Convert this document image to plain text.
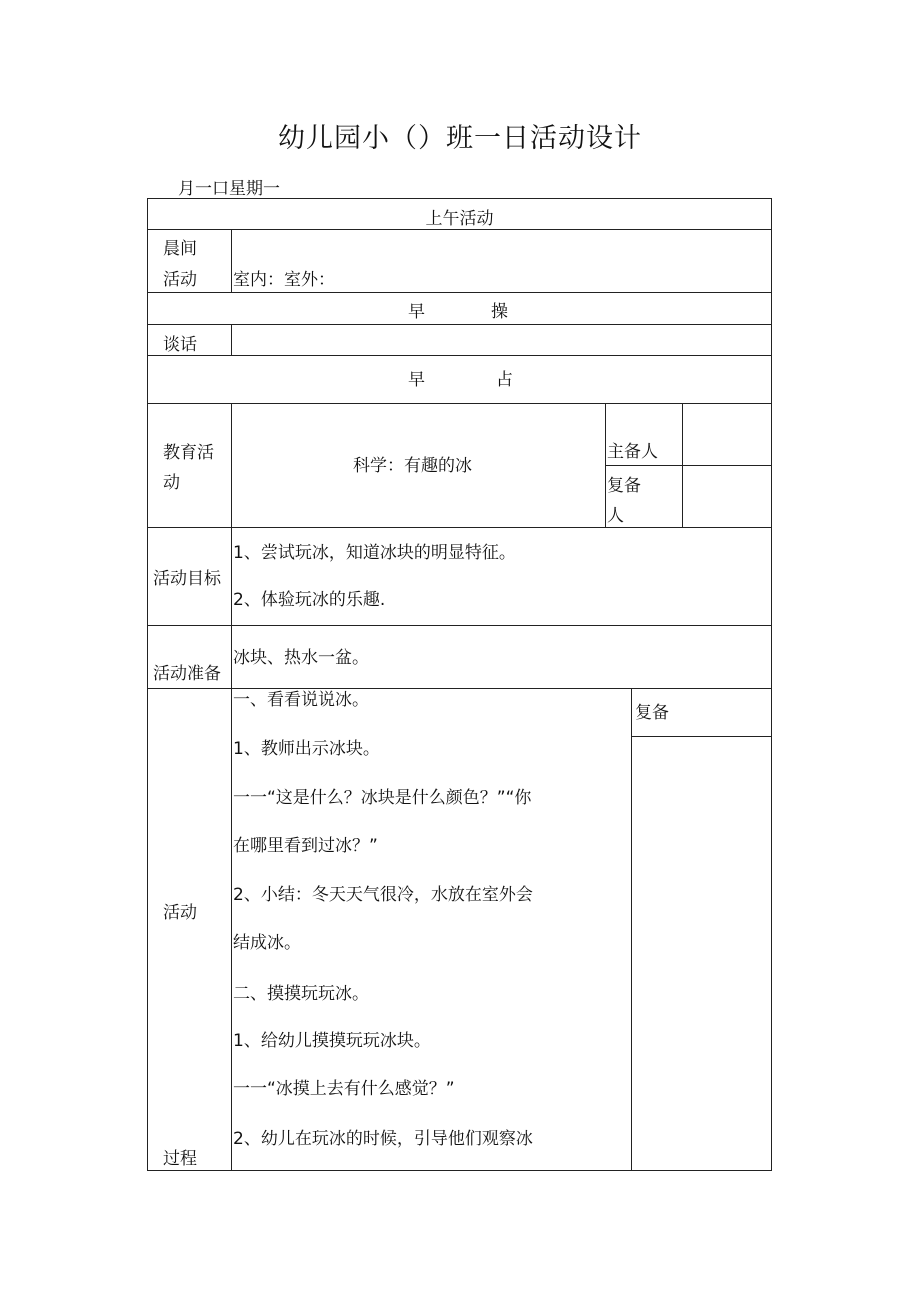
幼儿园小（）班一日活动设计
月一口星期一
上午活动
晨间
活动 室内：室外：
早	操
谈话
早	占
教育活
动
科学：有趣的冰
主备人
复备
人
活动目标
1、尝试玩冰，知道冰块的明显特征。
2、体验玩冰的乐趣.
活动准备
冰块、热水一盆。
活动
过程
一、看看说说冰。
1、教师出示冰块。
一一“这是什么？冰块是什么颜色？”“你
在哪里看到过冰？”
2、小结：冬天天气很冷，水放在室外会
结成冰。
二、摸摸玩玩冰。
1、给幼儿摸摸玩玩冰块。
一一“冰摸上去有什么感觉？”
2、幼儿在玩冰的时候，引导他们观察冰
复备
